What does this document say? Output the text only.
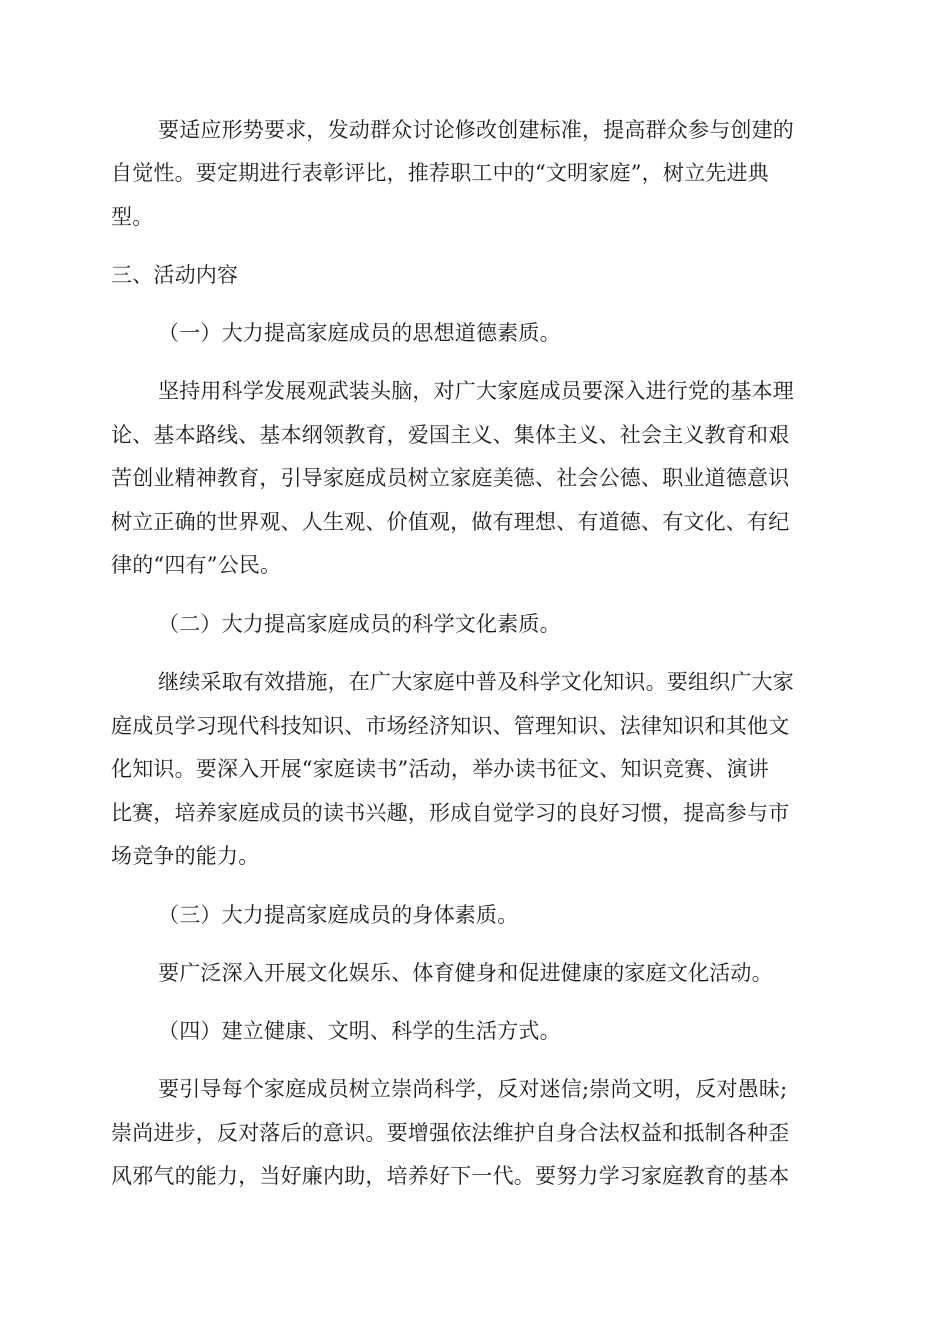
要适应形势要求，发动群众讨论修改创建标准，提高群众参与创建的
自觉性。要定期进行表彰评比，推荐职工中的“文明家庭”，树立先进典
型。
三、活动内容
（一）大力提高家庭成员的思想道德素质。
坚持用科学发展观武装头脑，对广大家庭成员要深入进行党的基本理
论、基本路线、基本纲领教育，爱国主义、集体主义、社会主义教育和艰
苦创业精神教育，引导家庭成员树立家庭美德、社会公德、职业道德意识
树立正确的世界观、人生观、价值观，做有理想、有道德、有文化、有纪
律的“四有”公民。
（二）大力提高家庭成员的科学文化素质。
继续采取有效措施，在广大家庭中普及科学文化知识。要组织广大家
庭成员学习现代科技知识、市场经济知识、管理知识、法律知识和其他文
化知识。要深入开展“家庭读书”活动，举办读书征文、知识竞赛、演讲
比赛，培养家庭成员的读书兴趣，形成自觉学习的良好习惯，提高参与市
场竞争的能力。
（三）大力提高家庭成员的身体素质。
要广泛深入开展文化娱乐、体育健身和促进健康的家庭文化活动。
（四）建立健康、文明、科学的生活方式。
要引导每个家庭成员树立崇尚科学，反对迷信;崇尚文明，反对愚昧;
崇尚进步，反对落后的意识。要增强依法维护自身合法权益和抵制各种歪
风邪气的能力，当好廉内助，培养好下一代。要努力学习家庭教育的基本
